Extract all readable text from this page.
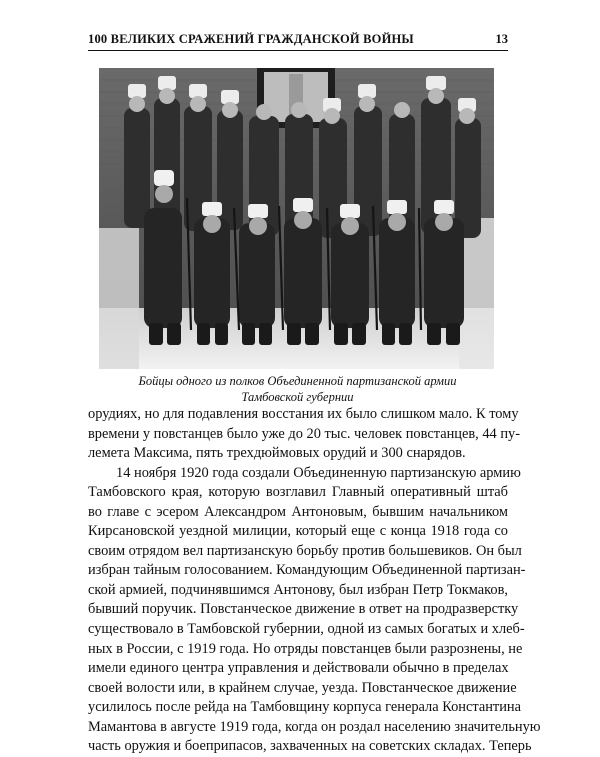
100 ВЕЛИКИХ СРАЖЕНИЙ ГРАЖДАНСКОЙ ВОЙНЫ	13
Бойцы одного из полков Объединенной партизанской армии
Тамбовской губернии
орудиях, но для подавления восстания их было слишком мало. К тому
времени у повстанцев было уже до 20 тыс. человек повстанцев, 44 пу-
лемета Максима, пять трехдюймовых орудий и 300 снарядов.
14 ноября 1920 года создали Объединенную партизанскую армию
Тамбовского края, которую возглавил Главный оперативный штаб
во главе с эсером Александром Антоновым, бывшим начальником
Кирсановской уездной милиции, который еще с конца 1918 года со
своим отрядом вел партизанскую борьбу против большевиков. Он был
избран тайным голосованием. Командующим Объединенной партизан-
ской армией, подчинявшимся Антонову, был избран Петр Токмаков,
бывший поручик. Повстанческое движение в ответ на продразверстку
существовало в Тамбовской губернии, одной из самых богатых и хлеб-
ных в России, с 1919 года. Но отряды повстанцев были разрознены, не
имели единого центра управления и действовали обычно в пределах
своей волости или, в крайнем случае, уезда. Повстанческое движение
усилилось после рейда на Тамбовщину корпуса генерала Константина
Мамантова в августе 1919 года, когда он роздал населению значительную
часть оружия и боеприпасов, захваченных на советских складах. Теперь
